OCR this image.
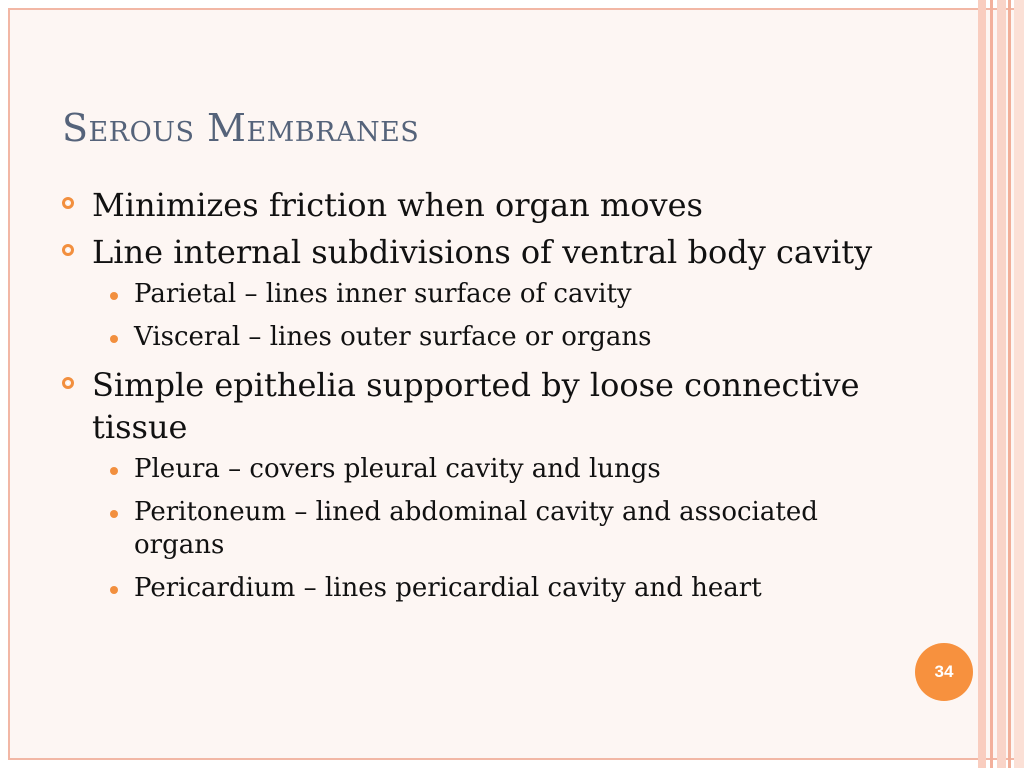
Serous Membranes
Minimizes friction when organ moves
Line internal subdivisions of ventral body cavity
Parietal – lines inner surface of cavity
Visceral – lines outer surface or organs
Simple epithelia supported by loose connective tissue
Pleura – covers pleural cavity and lungs
Peritoneum – lined abdominal cavity and associated organs
Pericardium – lines pericardial cavity and heart
34
